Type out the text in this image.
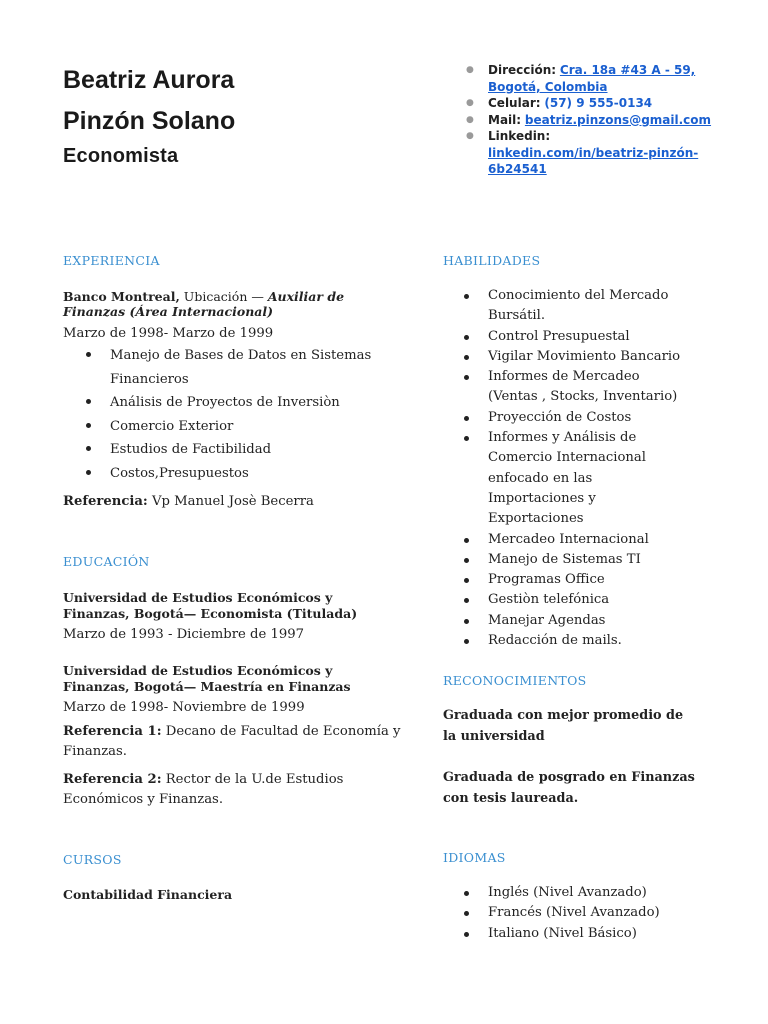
Beatriz Aurora
Pinzón Solano
Economista
● Dirección: Cra. 18a #43 A - 59, Bogotá, Colombia
● Celular: (57) 9 555-0134
● Mail: beatriz.pinzons@gmail.com
● Linkedin:
linkedin.com/in/beatriz-pinzón-6b24541
EXPERIENCIA
Banco Montreal, Ubicación — Auxiliar de Finanzas (Área Internacional)
Marzo de 1998- Marzo de 1999
Manejo de Bases de Datos en Sistemas Financieros
Análisis de Proyectos de Inversiòn
Comercio Exterior
Estudios de Factibilidad
Costos,Presupuestos
Referencia: Vp Manuel Josè Becerra
EDUCACIÓN
Universidad de Estudios Económicos y Finanzas, Bogotá— Economista (Titulada)
Marzo de 1993 - Diciembre de 1997
Universidad de Estudios Económicos y Finanzas, Bogotá— Maestría en Finanzas
Marzo de 1998- Noviembre de 1999
Referencia 1: Decano de Facultad de Economía y Finanzas.
Referencia 2: Rector de la U.de Estudios Económicos y Finanzas.
CURSOS
Contabilidad Financiera
HABILIDADES
Conocimiento del Mercado Bursátil.
Control Presupuestal
Vigilar Movimiento Bancario
Informes de Mercadeo (Ventas , Stocks, Inventario)
Proyección de Costos
Informes y Análisis de Comercio Internacional enfocado en las Importaciones y Exportaciones
Mercadeo Internacional
Manejo de Sistemas TI
Programas Office
Gestiòn telefónica
Manejar Agendas
Redacción de mails.
RECONOCIMIENTOS
Graduada con mejor promedio de la universidad
Graduada de posgrado en Finanzas con tesis laureada.
IDIOMAS
Inglés (Nivel Avanzado)
Francés (Nivel Avanzado)
Italiano (Nivel Básico)
